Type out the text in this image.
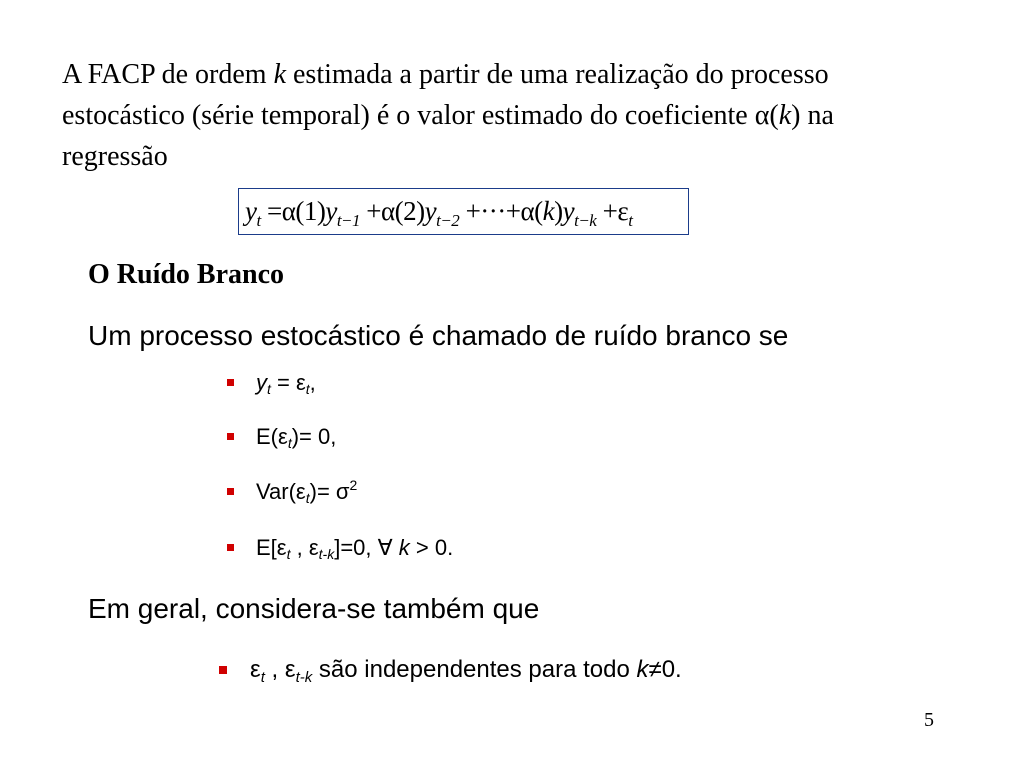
A FACP de ordem k estimada a partir de uma realização do processo estocástico (série temporal) é o valor estimado do coeficiente α(k) na regressão

$y_t =\alpha(1)y_{t-1} +\alpha(2)y_{t-2} +\cdot\cdot\cdot+\alpha(k)y_{t-k} +\varepsilon_t$
O Ruído Branco

Um processo estocástico é chamado de ruído branco se

$y_t = \varepsilon_t$,
$E(\varepsilon_t)= 0$,
$Var(\varepsilon_t)= \sigma^2$
$E[\varepsilon_t$ , $\varepsilon_{t-k}]=0$, ∀ k > 0.

Em geral, considera-se também que

$\varepsilon_t$ , $\varepsilon_{t-k}$ são independentes para todo k≠0.
5
